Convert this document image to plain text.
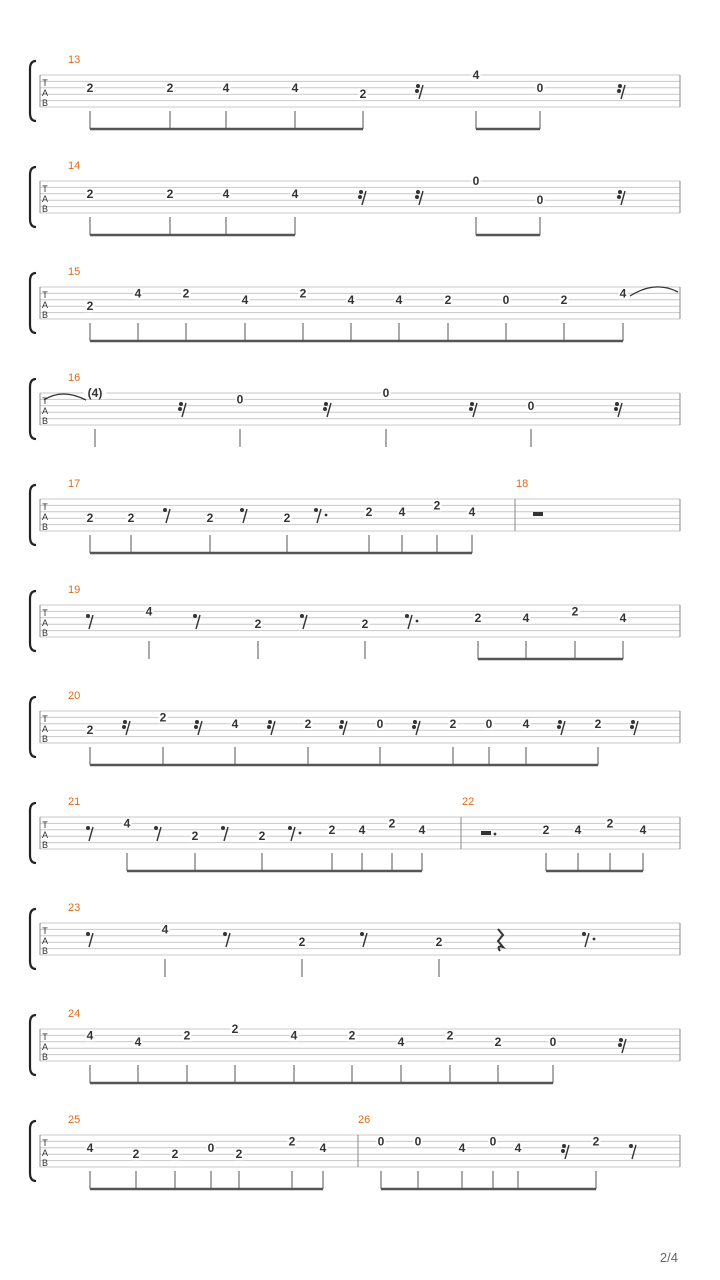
T
A
B
13
2	2	4	4	2
4
0
T
A
B
14
2	2	4	4
0
0
T
A
B
15
2
4	2	4	2	4	4	2	0	2	4
T
A
B
16
(4)	0	0
0
T
A
B
17
2	2	2	2	2 4 2 4
18
T
A
B
19
4
2	2	2	4	2	4
T
A
B
20
2
2	4	2	0	2 0	4	2
T
A
B
21
4
2	2	2 4 2 4
22
2 4 2 4
T
A
B
23
4
2	2
T
A
B
24
4	4	2	2	4	2	4	2	2	0
T
A
B
25
4	2	2 0 2
2 4
26
0	0	4 0 4	2
2/4
